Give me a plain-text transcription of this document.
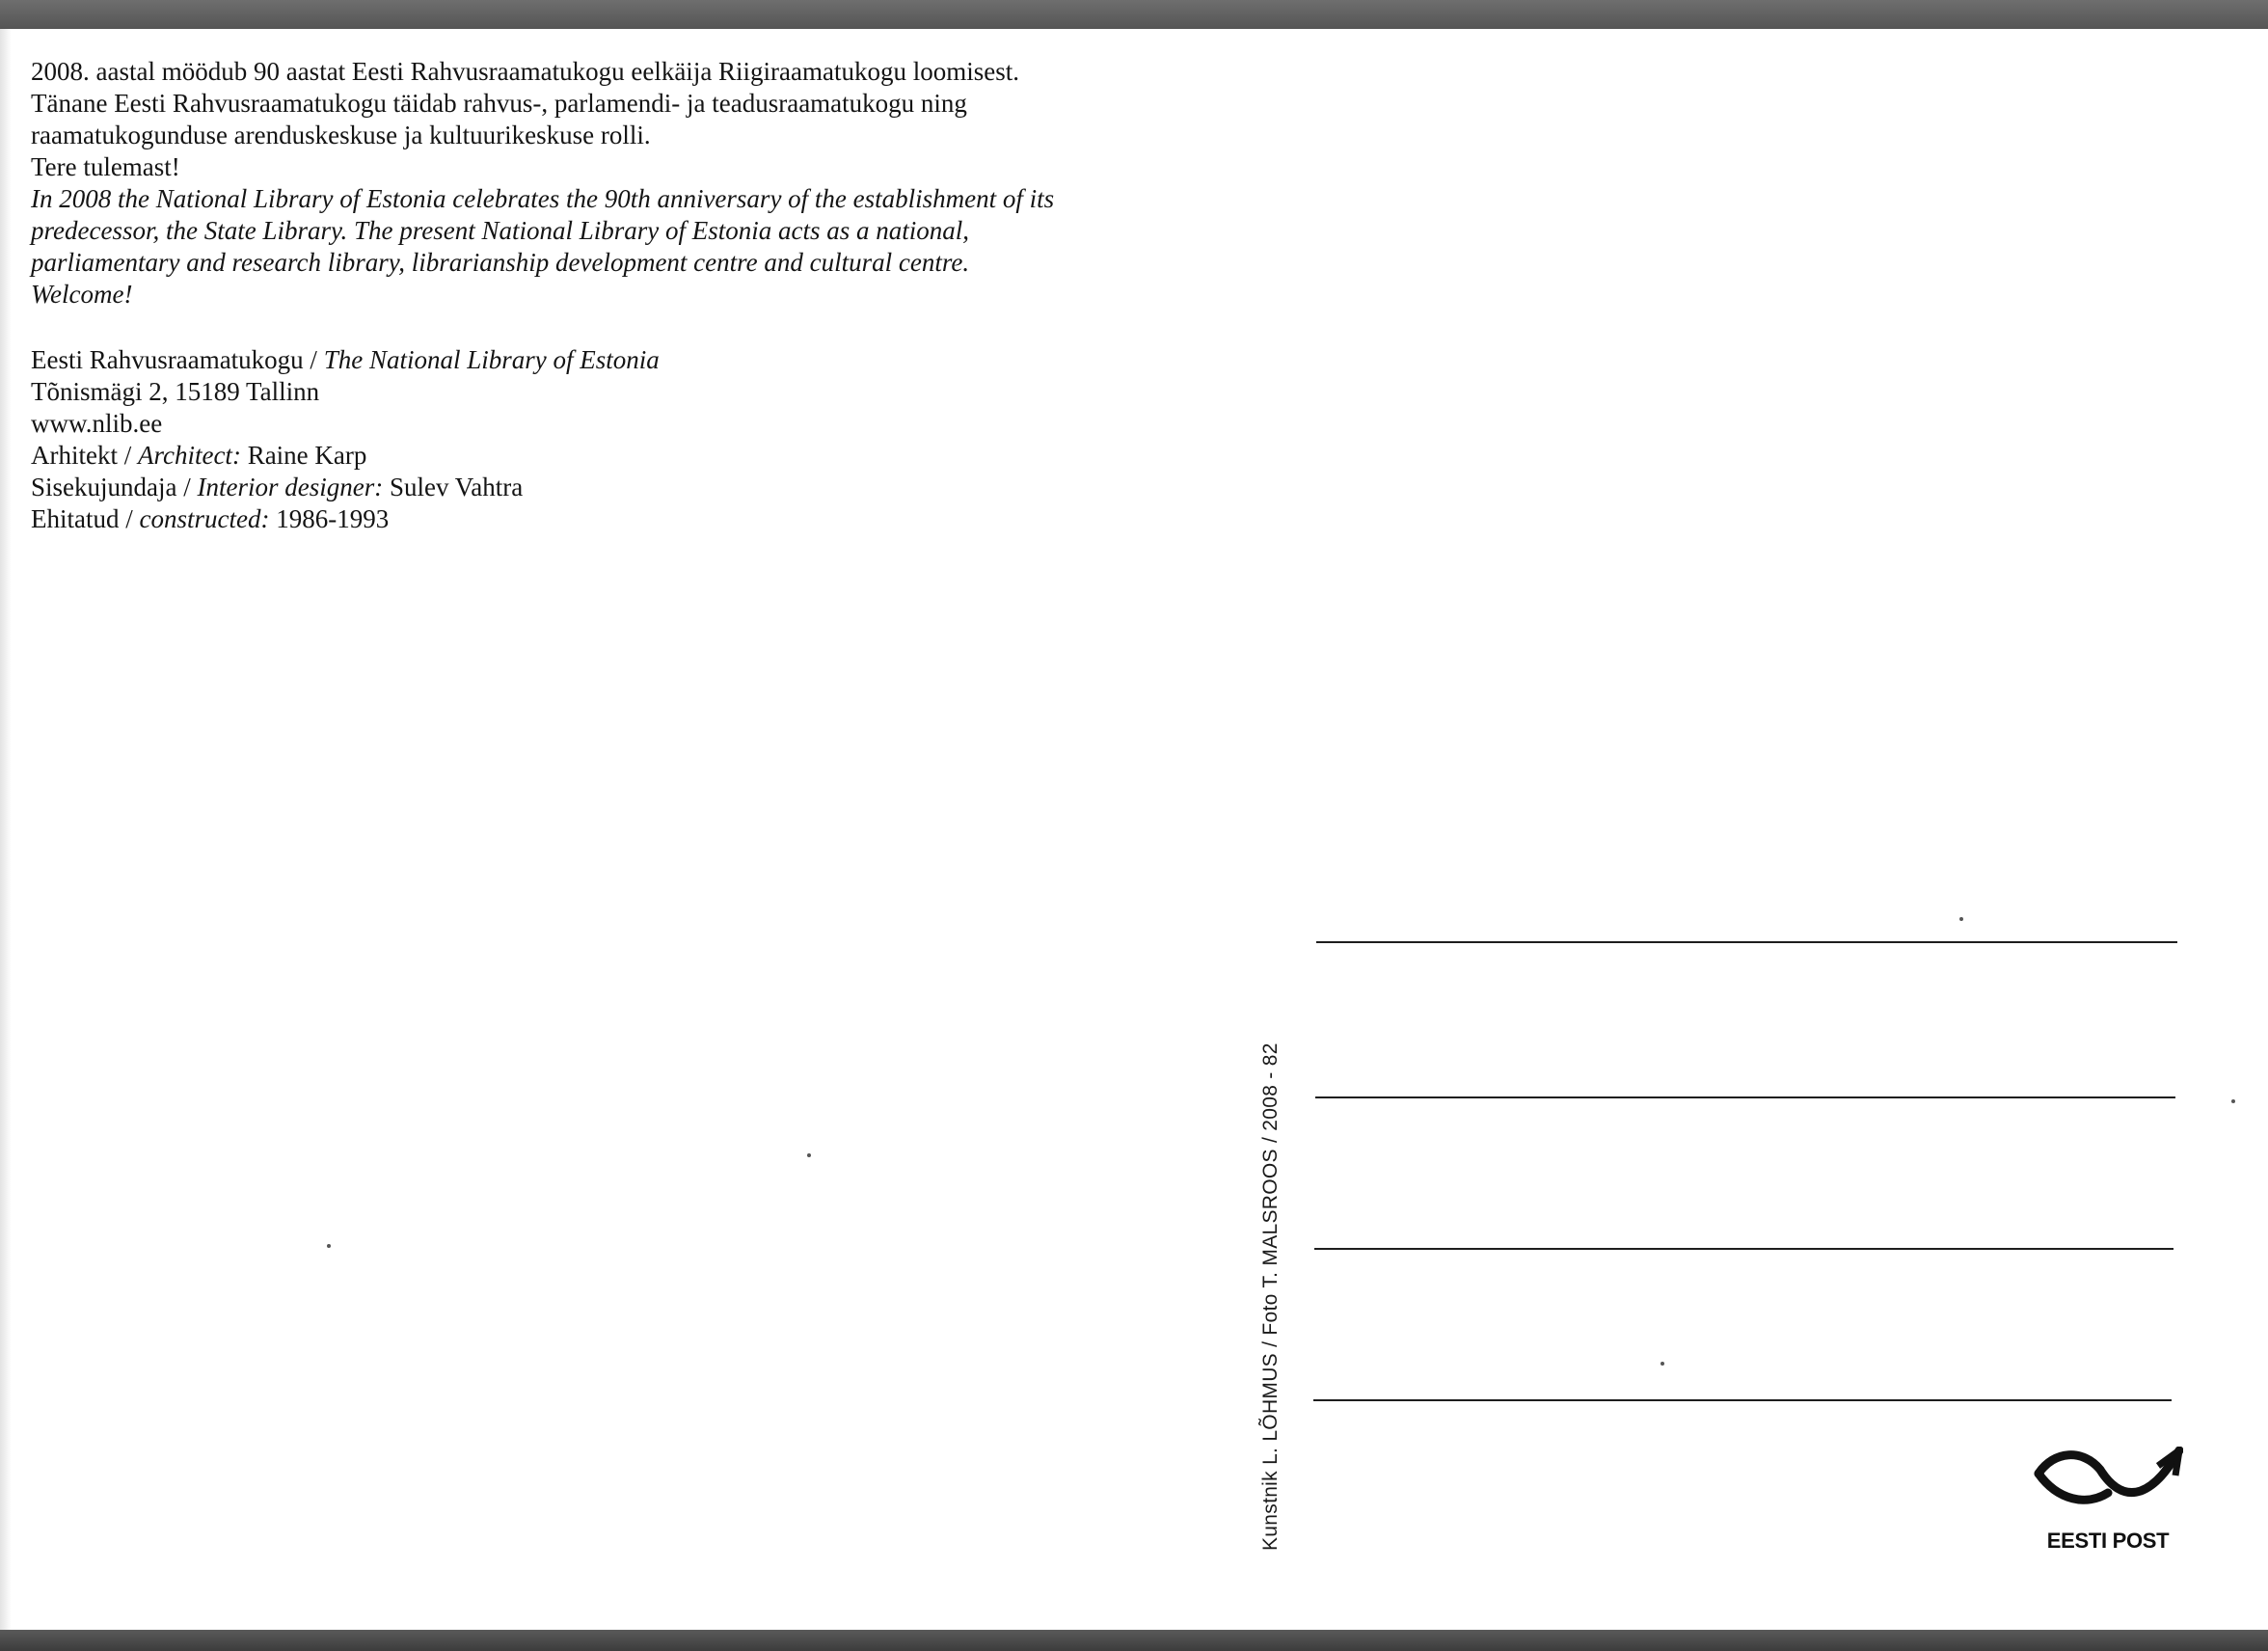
2008. aastal möödub 90 aastat Eesti Rahvusraamatukogu eelkäija Riigiraamatukogu loomisest.
Tänane Eesti Rahvusraamatukogu täidab rahvus-, parlamendi- ja teadusraamatukogu ning
raamatukogunduse arenduskeskuse ja kultuurikeskuse rolli.
Tere tulemast!
In 2008 the National Library of Estonia celebrates the 90th anniversary of the establishment of its
predecessor, the State Library. The present National Library of Estonia acts as a national,
parliamentary and research library, librarianship development centre and cultural centre.
Welcome!
Eesti Rahvusraamatukogu / The National Library of Estonia
Tõnismägi 2, 15189 Tallinn
www.nlib.ee
Arhitekt / Architect: Raine Karp
Sisekujundaja / Interior designer: Sulev Vahtra
Ehitatud / constructed: 1986-1993
Kunstnik L. LÕHMUS / Foto T. MALSROOS / 2008 - 82	EESTI POST
